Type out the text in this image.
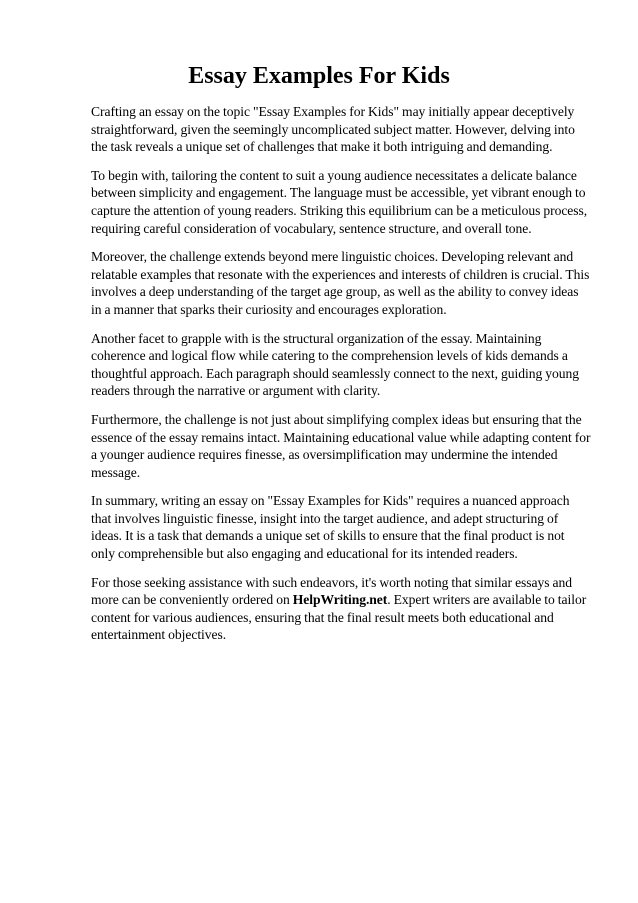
Essay Examples For Kids

Crafting an essay on the topic "Essay Examples for Kids" may initially appear deceptively straightforward, given the seemingly uncomplicated subject matter. However, delving into the task reveals a unique set of challenges that make it both intriguing and demanding.

To begin with, tailoring the content to suit a young audience necessitates a delicate balance between simplicity and engagement. The language must be accessible, yet vibrant enough to capture the attention of young readers. Striking this equilibrium can be a meticulous process, requiring careful consideration of vocabulary, sentence structure, and overall tone.

Moreover, the challenge extends beyond mere linguistic choices. Developing relevant and relatable examples that resonate with the experiences and interests of children is crucial. This involves a deep understanding of the target age group, as well as the ability to convey ideas in a manner that sparks their curiosity and encourages exploration.

Another facet to grapple with is the structural organization of the essay. Maintaining coherence and logical flow while catering to the comprehension levels of kids demands a thoughtful approach. Each paragraph should seamlessly connect to the next, guiding young readers through the narrative or argument with clarity.

Furthermore, the challenge is not just about simplifying complex ideas but ensuring that the essence of the essay remains intact. Maintaining educational value while adapting content for a younger audience requires finesse, as oversimplification may undermine the intended message.

In summary, writing an essay on "Essay Examples for Kids" requires a nuanced approach that involves linguistic finesse, insight into the target audience, and adept structuring of ideas. It is a task that demands a unique set of skills to ensure that the final product is not only comprehensible but also engaging and educational for its intended readers.

For those seeking assistance with such endeavors, it's worth noting that similar essays and more can be conveniently ordered on HelpWriting.net. Expert writers are available to tailor content for various audiences, ensuring that the final result meets both educational and entertainment objectives.
